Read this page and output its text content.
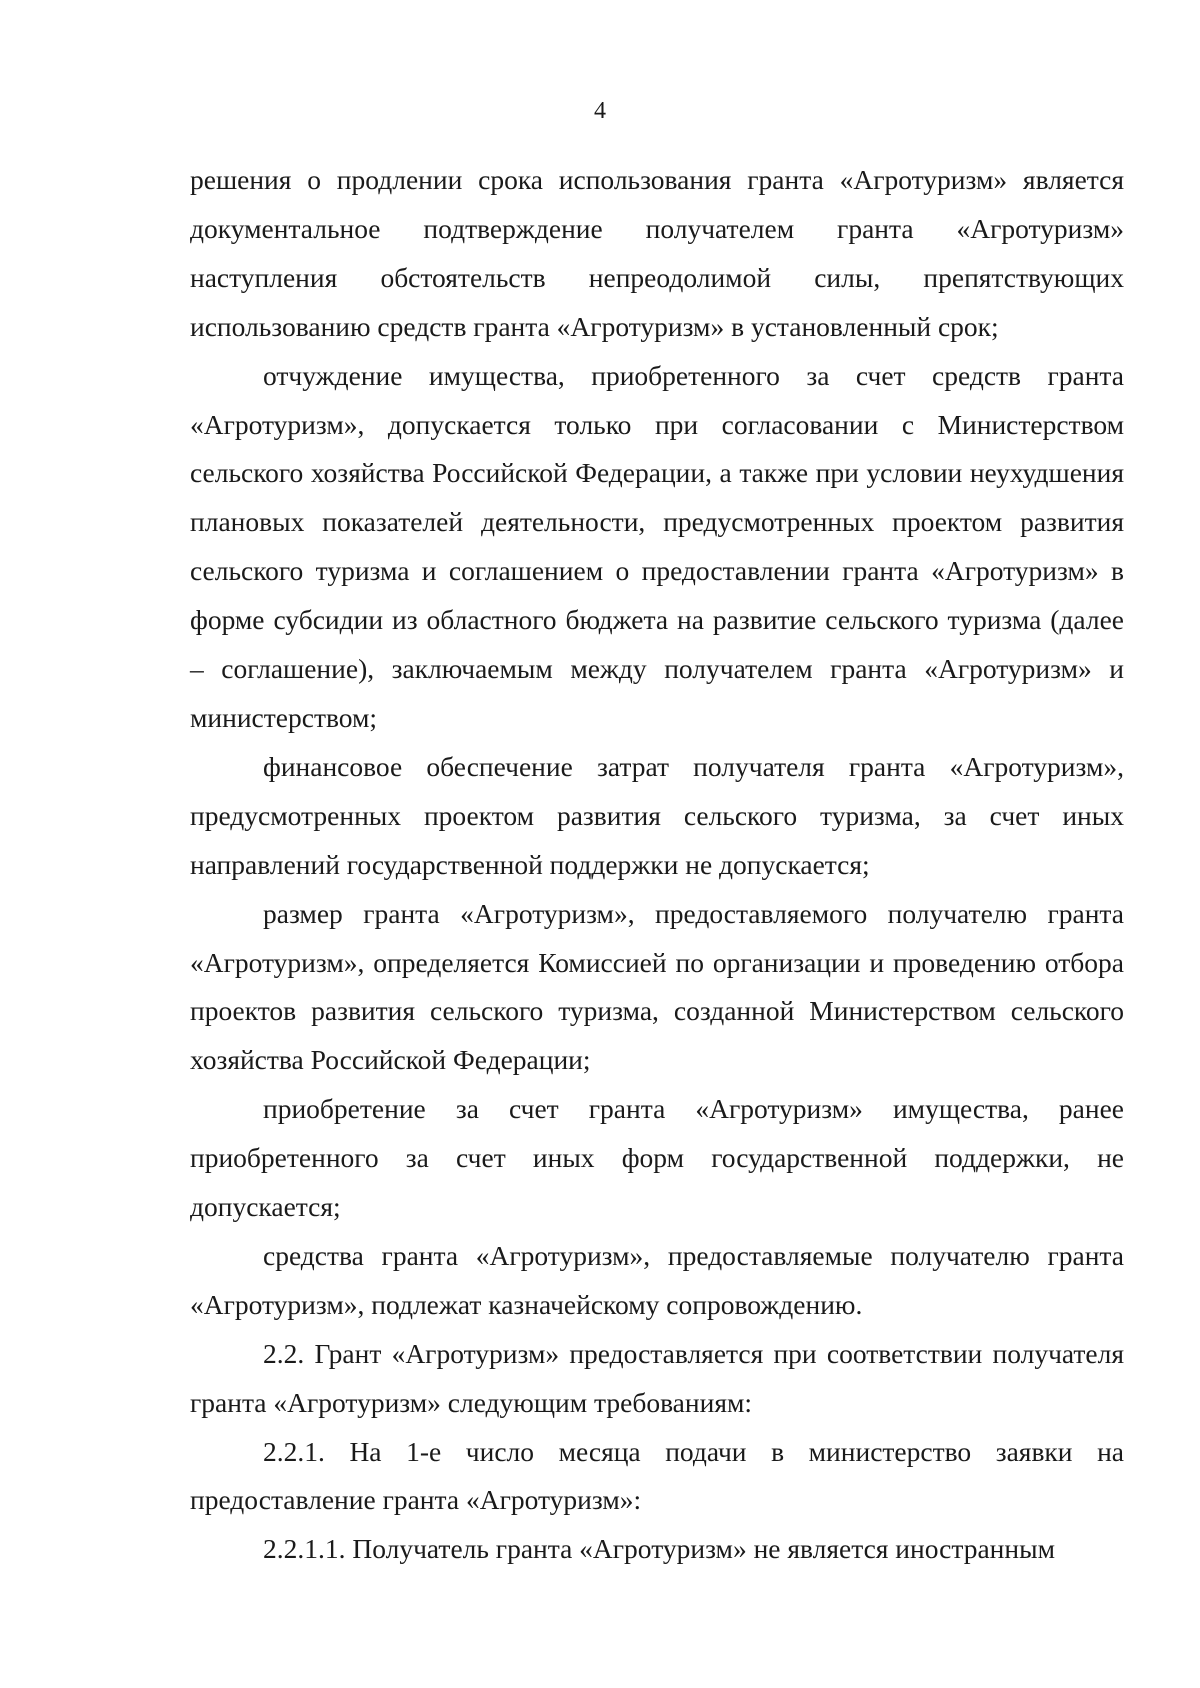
4

решения о продлении срока использования гранта «Агротуризм» является документальное подтверждение получателем гранта «Агротуризм» наступления обстоятельств непреодолимой силы, препятствующих использованию средств гранта «Агротуризм» в установленный срок;

отчуждение имущества, приобретенного за счет средств гранта «Агротуризм», допускается только при согласовании с Министерством сельского хозяйства Российской Федерации, а также при условии неухудшения плановых показателей деятельности, предусмотренных проектом развития сельского туризма и соглашением о предоставлении гранта «Агротуризм» в форме субсидии из областного бюджета на развитие сельского туризма (далее – соглашение), заключаемым между получателем гранта «Агротуризм» и министерством;

финансовое обеспечение затрат получателя гранта «Агротуризм», предусмотренных проектом развития сельского туризма, за счет иных направлений государственной поддержки не допускается;

размер гранта «Агротуризм», предоставляемого получателю гранта «Агротуризм», определяется Комиссией по организации и проведению отбора проектов развития сельского туризма, созданной Министерством сельского хозяйства Российской Федерации;

приобретение за счет гранта «Агротуризм» имущества, ранее приобретенного за счет иных форм государственной поддержки, не допускается;

средства гранта «Агротуризм», предоставляемые получателю гранта «Агротуризм», подлежат казначейскому сопровождению.

2.2. Грант «Агротуризм» предоставляется при соответствии получателя гранта «Агротуризм» следующим требованиям:

2.2.1. На 1-е число месяца подачи в министерство заявки на предоставление гранта «Агротуризм»:

2.2.1.1. Получатель гранта «Агротуризм» не является иностранным
